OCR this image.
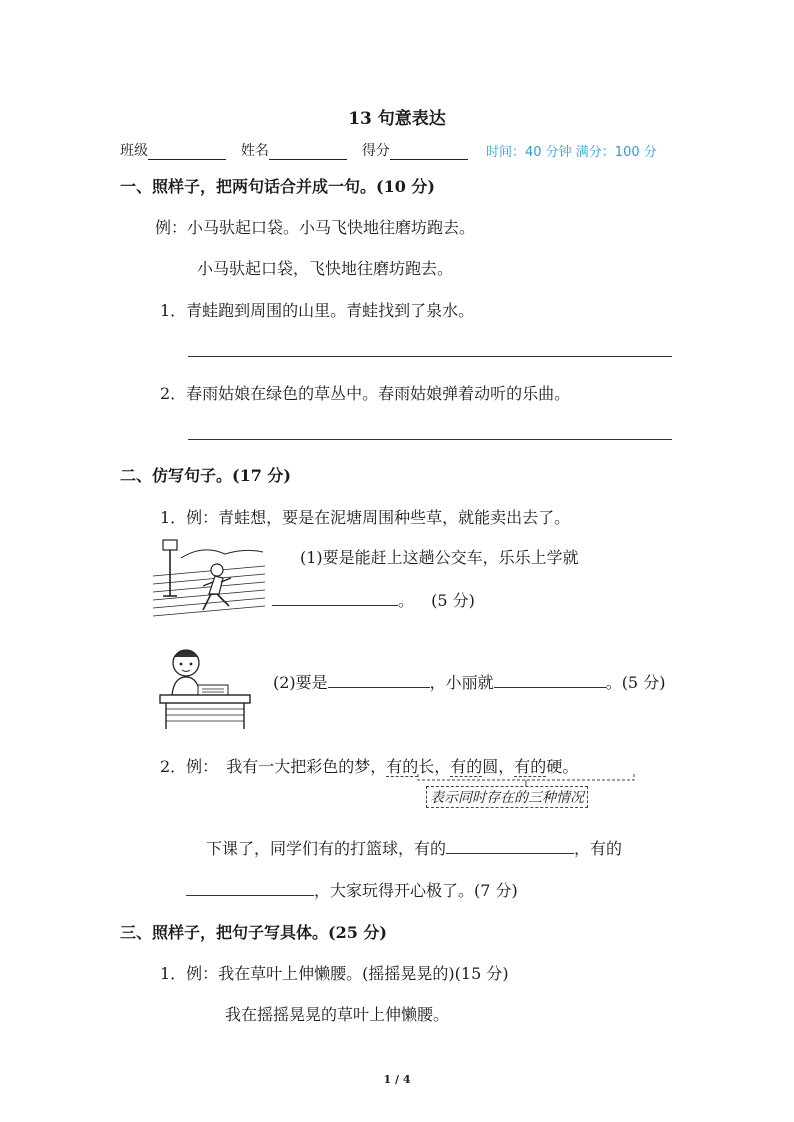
13 句意表达
班级	姓名	得分	时间：40 分钟 满分：100 分
一、照样子，把两句话合并成一句。(10 分)
例：小马驮起口袋。小马飞快地往磨坊跑去。
小马驮起口袋，飞快地往磨坊跑去。
1．青蛙跑到周围的山里。青蛙找到了泉水。
2．春雨姑娘在绿色的草丛中。春雨姑娘弹着动听的乐曲。
二、仿写句子。(17 分)
1．例：青蛙想，要是在泥塘周围种些草，就能卖出去了。
(1)要是能赶上这趟公交车，乐乐上学就
。 (5 分)
(2)要是	，小丽就	。(5 分)
2．例： 我有一大把彩色的梦，有的长，有的圆，有的硬。
表示同时存在的三种情况
下课了，同学们有的打篮球，有的	，有的
，大家玩得开心极了。(7 分)
三、照样子，把句子写具体。(25 分)
1．例：我在草叶上伸懒腰。(摇摇晃晃的)(15 分)
我在摇摇晃晃的草叶上伸懒腰。
1 / 4
